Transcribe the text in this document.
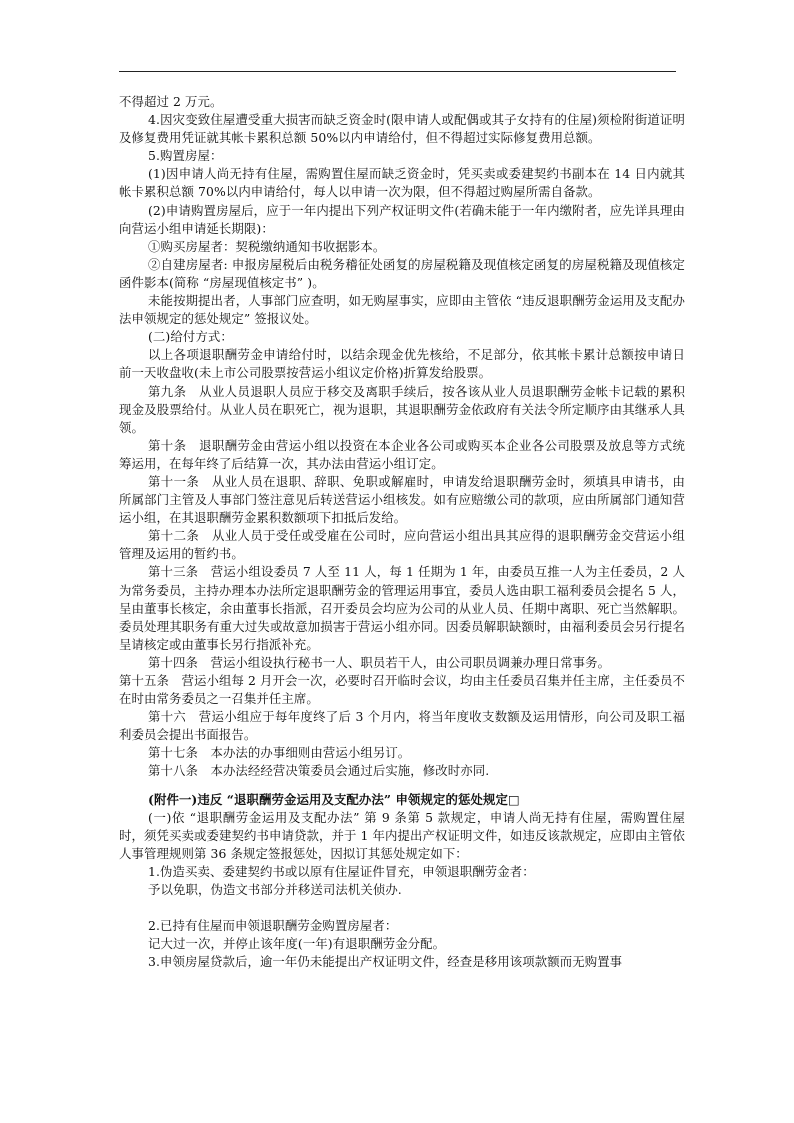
不得超过 2 万元。

4.因灾变致住屋遭受重大损害而缺乏资金时(限申请人或配偶或其子女持有的住屋)须检附街道证明及修复费用凭证就其帐卡累积总额 50%以内申请给付，但不得超过实际修复费用总额。

5.购置房屋：

(1)因申请人尚无持有住屋，需购置住屋而缺乏资金时，凭买卖或委建契约书副本在 14 日内就其帐卡累积总额 70%以内申请给付，每人以申请一次为限，但不得超过购屋所需自备款。

(2)申请购置房屋后，应于一年内提出下列产权证明文件(若确未能于一年内缴附者，应先详具理由向营运小组申请延长期限)：

①购买房屋者：契税缴纳通知书收据影本。

②自建房屋者: 申报房屋税后由税务稽征处函复的房屋税籍及现值核定函复的房屋税籍及现值核定函件影本(简称 “房屋现值核定书” )。

未能按期提出者，人事部门应查明，如无购屋事实，应即由主管依 “违反退职酬劳金运用及支配办法申领规定的惩处规定” 签报议处。

(二)给付方式：

以上各项退职酬劳金申请给付时，以结余现金优先核给，不足部分，依其帐卡累计总额按申请日前一天收盘收(未上市公司股票按营运小组议定价格)折算发给股票。

第九条　从业人员退职人员应于移交及离职手续后，按各该从业人员退职酬劳金帐卡记载的累积现金及股票给付。从业人员在职死亡，视为退职，其退职酬劳金依政府有关法令所定顺序由其继承人具领。

第十条　退职酬劳金由营运小组以投资在本企业各公司或购买本企业各公司股票及放息等方式统筹运用，在每年终了后结算一次，其办法由营运小组订定。

第十一条　从业人员在退职、辞职、免职或解雇时，申请发给退职酬劳金时，须填具申请书，由所属部门主管及人事部门签注意见后转送营运小组核发。如有应赔缴公司的款项，应由所属部门通知营运小组，在其退职酬劳金累积数额项下扣抵后发给。

第十二条　从业人员于受任或受雇在公司时，应向营运小组出具其应得的退职酬劳金交营运小组管理及运用的暂约书。

第十三条　营运小组设委员 7 人至 11 人，每 1 任期为 1 年，由委员互推一人为主任委员，2 人为常务委员，主持办理本办法所定退职酬劳金的管理运用事宜，委员人选由职工福利委员会提名 5 人，呈由董事长核定，余由董事长指派，召开委员会均应为公司的从业人员、任期中离职、死亡当然解职。委员处理其职务有重大过失或故意加损害于营运小组亦同。因委员解职缺额时，由福利委员会另行提名呈请核定或由董事长另行指派补充。

第十四条　营运小组设执行秘书一人、职员若干人，由公司职员调兼办理日常事务。

第十五条　营运小组每 2 月开会一次，必要时召开临时会议，均由主任委员召集并任主席，主任委员不在时由常务委员之一召集并任主席。

第十六　营运小组应于每年度终了后 3 个月内，将当年度收支数额及运用情形，向公司及职工福利委员会提出书面报告。

第十七条　本办法的办事细则由营运小组另订。

第十八条　本办法经经营决策委员会通过后实施，修改时亦同.

(附件一)违反 “退职酬劳金运用及支配办法” 申领规定的惩处规定□

(一)依 “退职酬劳金运用及支配办法” 第 9 条第 5 款规定，申请人尚无持有住屋，需购置住屋时，须凭买卖或委建契约书申请贷款，并于 1 年内提出产权证明文件，如违反该款规定，应即由主管依人事管理规则第 36 条规定签报惩处，因拟订其惩处规定如下：

1.伪造买卖、委建契约书或以原有住屋证件冒充，申领退职酬劳金者：

予以免职，伪造文书部分并移送司法机关侦办.

2.已持有住屋而申领退职酬劳金购置房屋者：

记大过一次，并停止该年度(一年)有退职酬劳金分配。

3.申领房屋贷款后，逾一年仍未能提出产权证明文件，经查是移用该项款额而无购置事
